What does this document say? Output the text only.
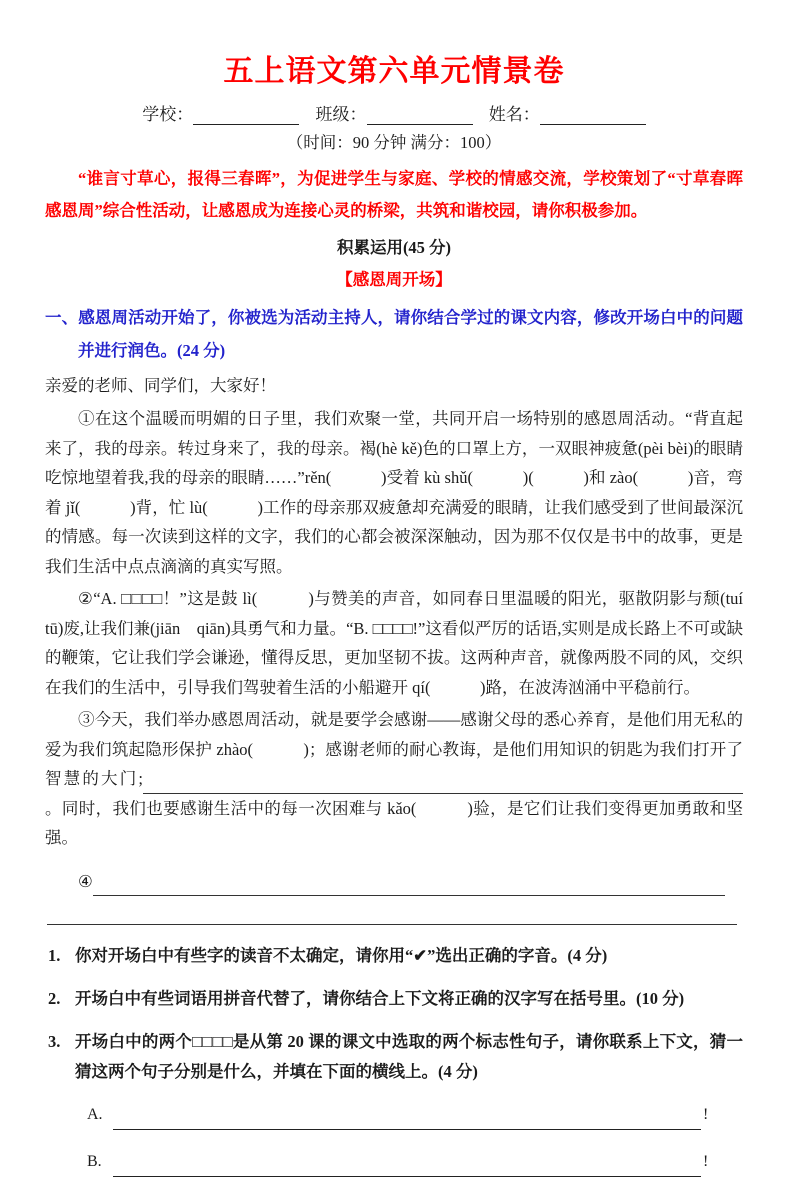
五上语文第六单元情景卷
学校：	班级：	姓名：
（时间：90 分钟 满分：100）

“谁言寸草心，报得三春晖”，为促进学生与家庭、学校的情感交流，学校策划了“寸草春晖感恩周”综合性活动，让感恩成为连接心灵的桥梁，共筑和谐校园，请你积极参加。

积累运用(45 分)
【感恩周开场】
一、感恩周活动开始了，你被选为活动主持人，请你结合学过的课文内容，修改开场白中的问题并进行润色。(24 分)
亲爱的老师、同学们，大家好！

①在这个温暖而明媚的日子里，我们欢聚一堂，共同开启一场特别的感恩周活动。“背直起来了，我的母亲。转过身来了，我的母亲。褐(hè kě)色的口罩上方，一双眼神疲惫(pèi bèi)的眼睛吃惊地望着我,我的母亲的眼睛……”rěn(　　　)受着 kù shǔ(　　　)(　　　)和 zào(　　　)音，弯着 jǐ(　　　)背，忙 lù(　　　)工作的母亲那双疲惫却充满爱的眼睛，让我们感受到了世间最深沉的情感。每一次读到这样的文字，我们的心都会被深深触动，因为那不仅仅是书中的故事，更是我们生活中点点滴滴的真实写照。

②“A. □□□□！”这是鼓 lì(　　　)与赞美的声音，如同春日里温暖的阳光，驱散阴影与颓(tuí tū)废,让我们兼(jiān　qiān)具勇气和力量。“B. □□□□!”这看似严厉的话语,实则是成长路上不可或缺的鞭策，它让我们学会谦逊，懂得反思，更加坚韧不拔。这两种声音，就像两股不同的风，交织在我们的生活中，引导我们驾驶着生活的小船避开 qí(　　　)路，在波涛汹涌中平稳前行。

③今天，我们举办感恩周活动，就是要学会感谢——感谢父母的悉心养育，是他们用无私的爱为我们筑起隐形保护 zhào(　　　)；感谢老师的耐心教诲，是他们用知识的钥匙为我们打开了智慧的大门;。同时，我们也要感谢生活中的每一次困难与 kǎo(　　　)验，是它们让我们变得更加勇敢和坚强。

④

1. 你对开场白中有些字的读音不太确定，请你用“✔”选出正确的字音。(4 分)
2. 开场白中有些词语用拼音代替了，请你结合上下文将正确的汉字写在括号里。(10 分)
3. 开场白中的两个□□□□是从第 20 课的课文中选取的两个标志性句子，请你联系上下文，猜一猜这两个句子分别是什么，并填在下面的横线上。(4 分)
A.	!
B.	!
